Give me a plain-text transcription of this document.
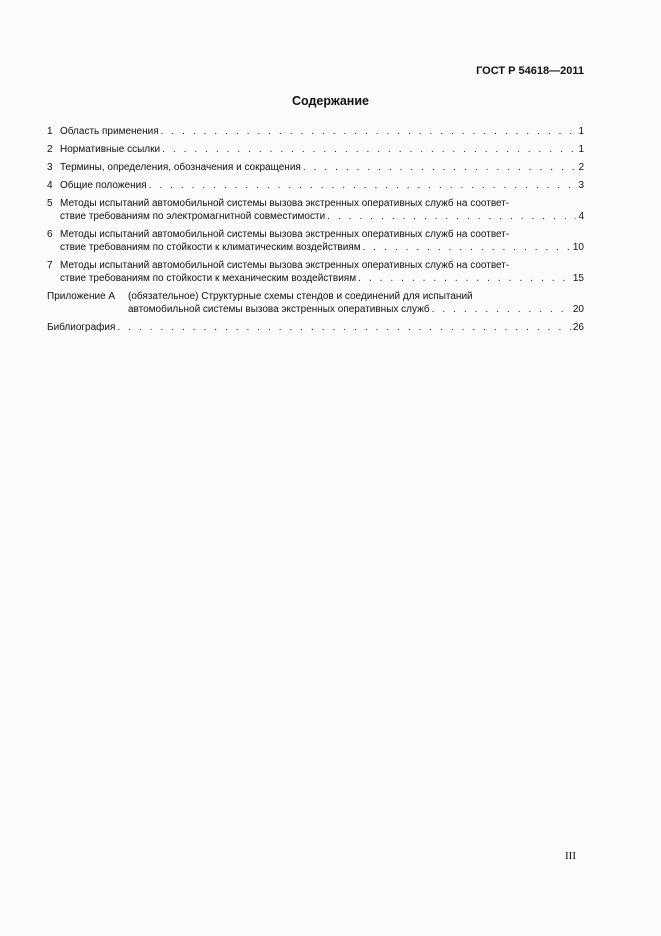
ГОСТ Р 54618—2011
Содержание
1 Область применения . . .	1
2 Нормативные ссылки . . .	1
3 Термины, определения, обозначения и сокращения . . .	2
4 Общие положения . . .	3
5 Методы испытаний автомобильной системы вызова экстренных оперативных служб на соответ-
ствие требованиям по электромагнитной совместимости . . .	4
6 Методы испытаний автомобильной системы вызова экстренных оперативных служб на соответ-
ствие требованиям по стойкости к климатическим воздействиям . . .	10
7 Методы испытаний автомобильной системы вызова экстренных оперативных служб на соответ-
ствие требованиям по стойкости к механическим воздействиям . . .	15
Приложение А	(обязательное) Структурные схемы стендов и соединений для испытаний
автомобильной системы вызова экстренных оперативных служб . . .	20
Библиография . . .	26
III
